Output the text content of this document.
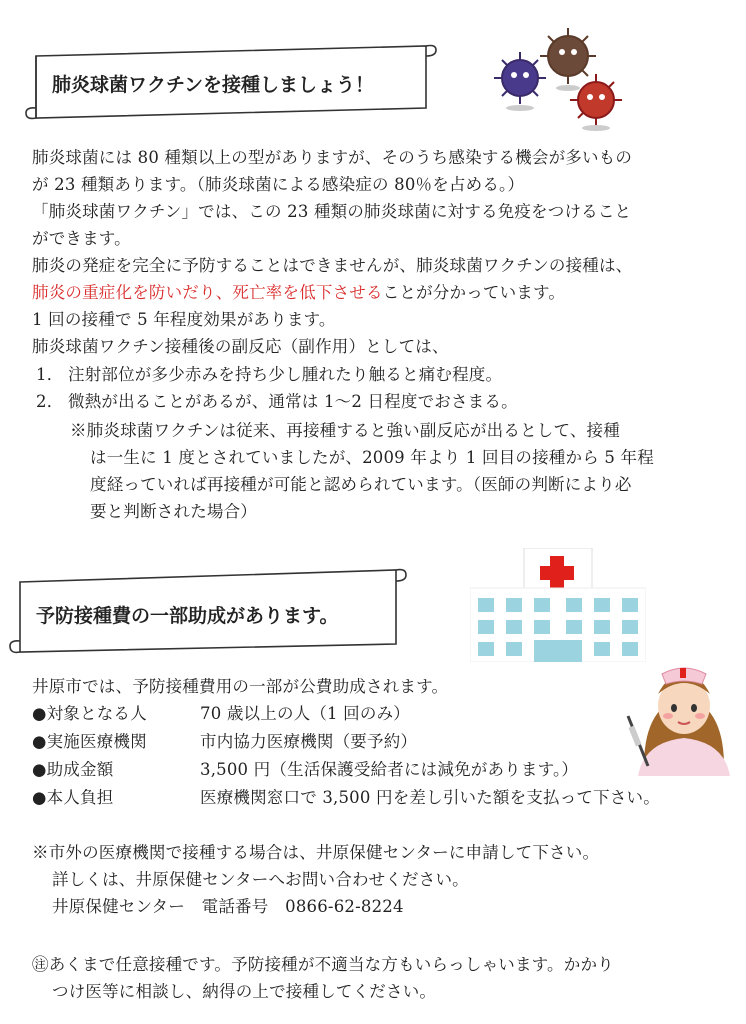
肺炎球菌ワクチンを接種しましょう！
肺炎球菌には 80 種類以上の型がありますが、そのうち感染する機会が多いもの
が 23 種類あります。（肺炎球菌による感染症の 80％を占める。）
「肺炎球菌ワクチン」では、この 23 種類の肺炎球菌に対する免疫をつけること
ができます。
肺炎の発症を完全に予防することはできませんが、肺炎球菌ワクチンの接種は、
肺炎の重症化を防いだり、死亡率を低下させることが分かっています。
1 回の接種で 5 年程度効果があります。
肺炎球菌ワクチン接種後の副反応（副作用）としては、
1． 注射部位が多少赤みを持ち少し腫れたり触ると痛む程度。
2． 微熱が出ることがあるが、通常は 1～2 日程度でおさまる。
※肺炎球菌ワクチンは従来、再接種すると強い副反応が出るとして、接種
は一生に 1 度とされていましたが、2009 年より 1 回目の接種から 5 年程
度経っていれば再接種が可能と認められています。（医師の判断により必
要と判断された場合）
予防接種費の一部助成があります。
井原市では、予防接種費用の一部が公費助成されます。
●対象となる人	70 歳以上の人（1 回のみ）
●実施医療機関	市内協力医療機関（要予約）
●助成金額	3,500 円（生活保護受給者には減免があります。）
●本人負担	医療機関窓口で 3,500 円を差し引いた額を支払って下さい。
※市外の医療機関で接種する場合は、井原保健センターに申請して下さい。
詳しくは、井原保健センターへお問い合わせください。
井原保健センター　電話番号　0866-62-8224
㊟あくまで任意接種です。予防接種が不適当な方もいらっしゃいます。かかり
つけ医等に相談し、納得の上で接種してください。
